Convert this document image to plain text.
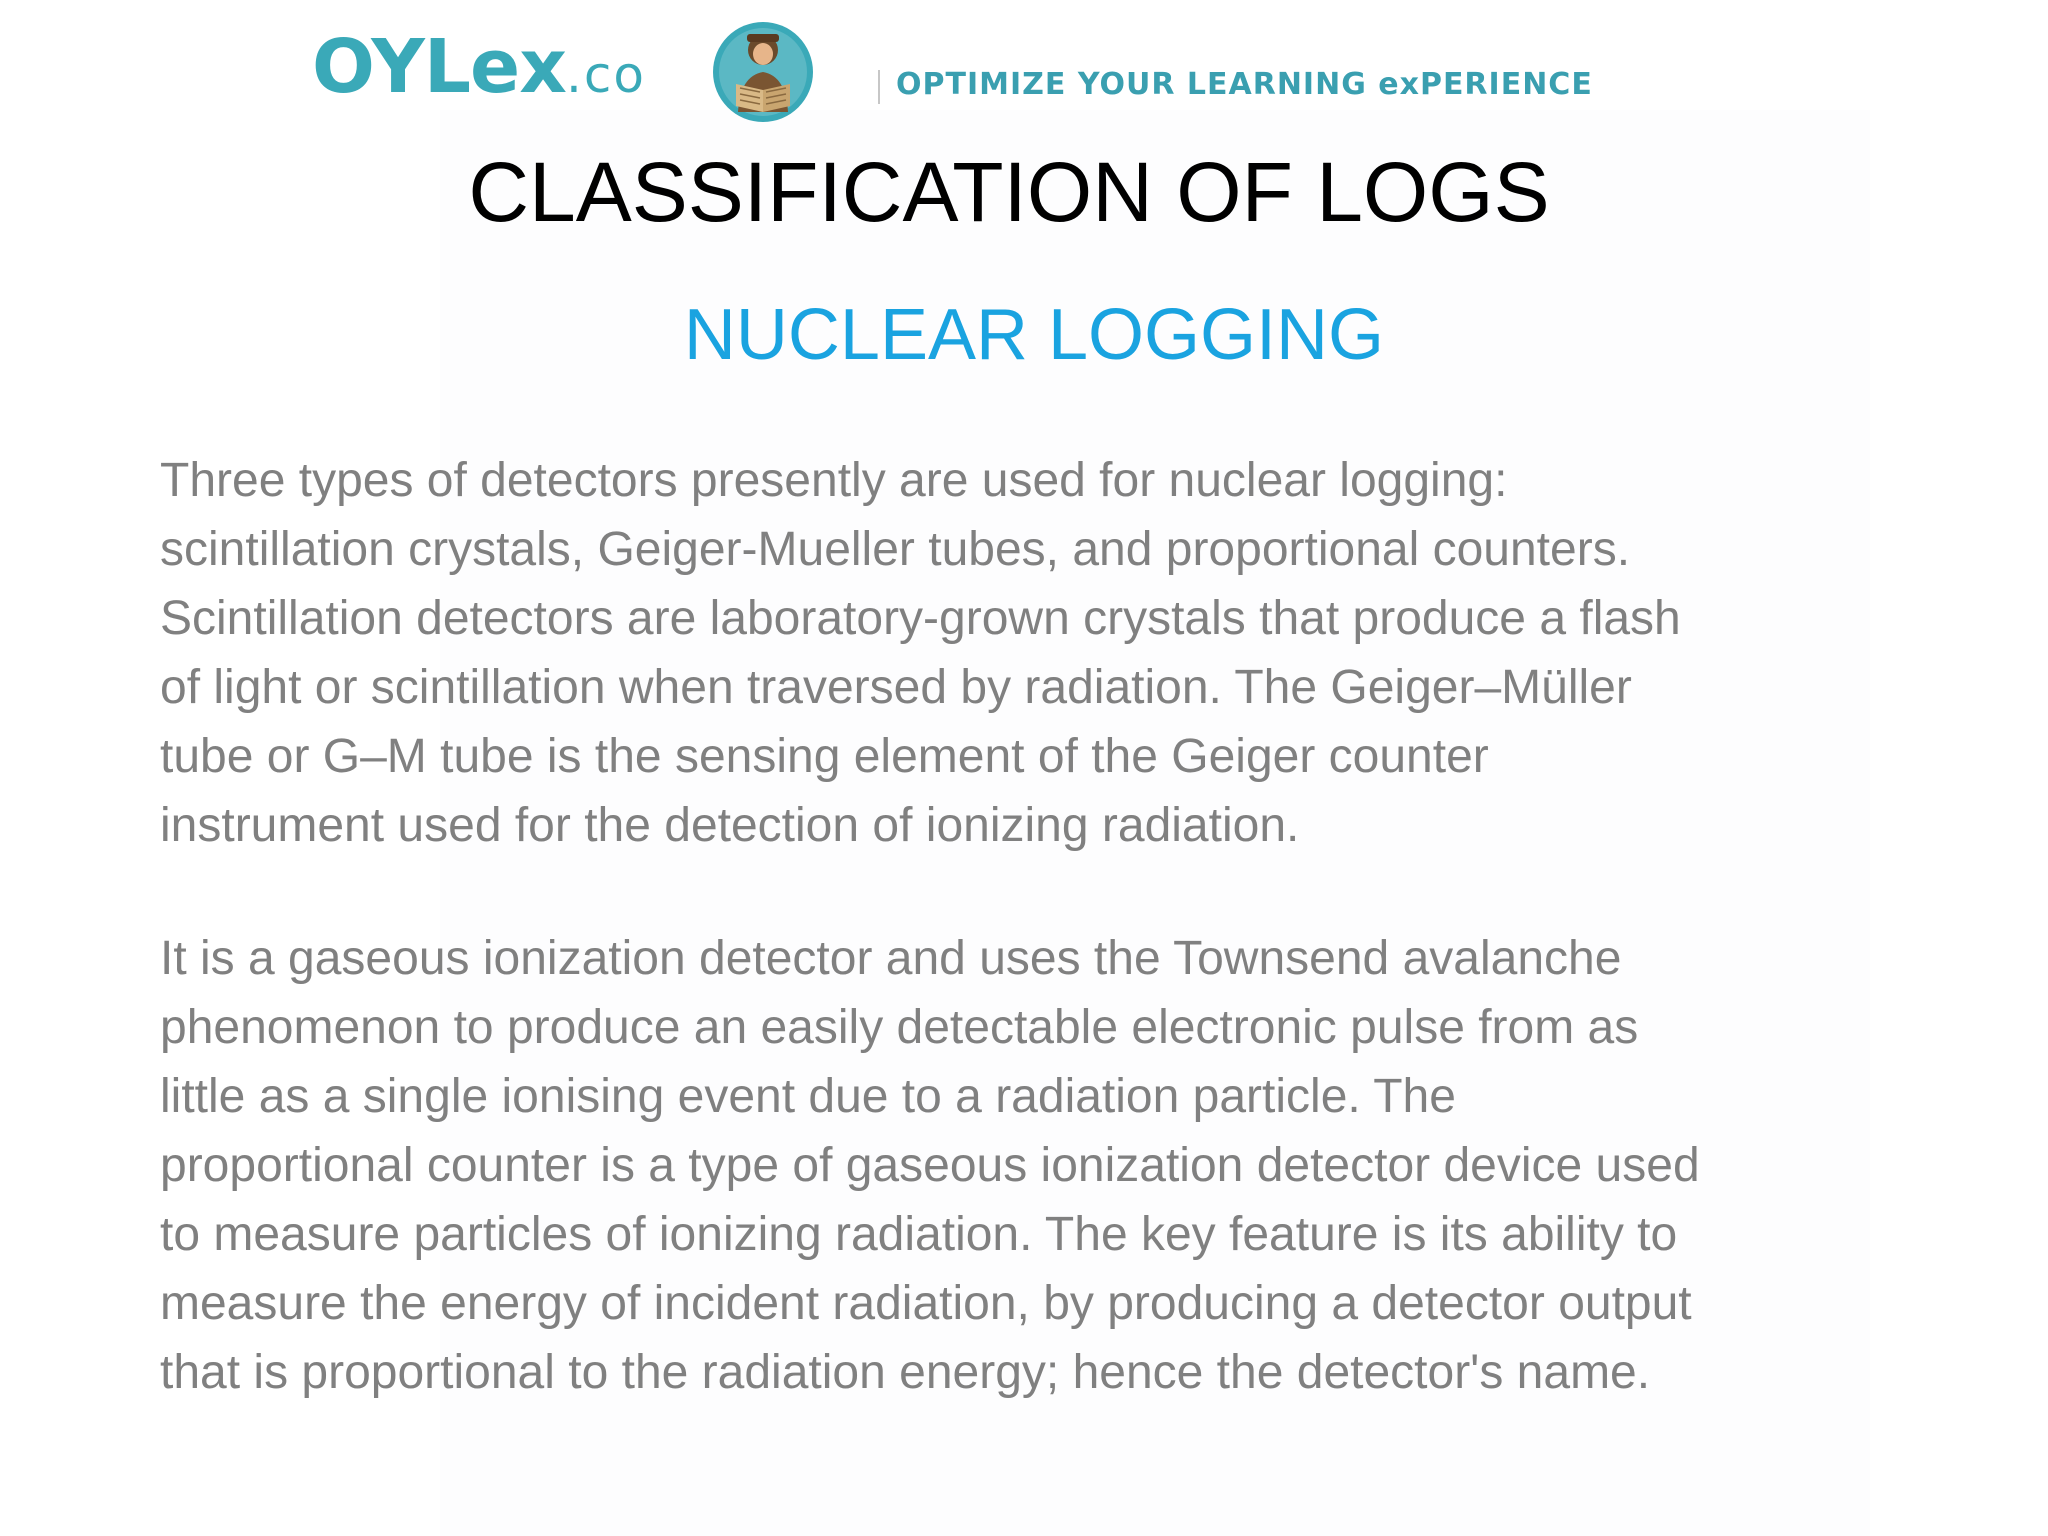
OYLex.co	OPTIMIZE YOUR LEARNING exPERIENCE
CLASSIFICATION OF LOGS
NUCLEAR LOGGING

Three types of detectors presently are used for nuclear logging:
scintillation crystals, Geiger-Mueller tubes, and proportional counters.
Scintillation detectors are laboratory-grown crystals that produce a flash
of light or scintillation when traversed by radiation. The Geiger–Müller
tube or G–M tube is the sensing element of the Geiger counter
instrument used for the detection of ionizing radiation.

It is a gaseous ionization detector and uses the Townsend avalanche
phenomenon to produce an easily detectable electronic pulse from as
little as a single ionising event due to a radiation particle. The
proportional counter is a type of gaseous ionization detector device used
to measure particles of ionizing radiation. The key feature is its ability to
measure the energy of incident radiation, by producing a detector output
that is proportional to the radiation energy; hence the detector's name.
